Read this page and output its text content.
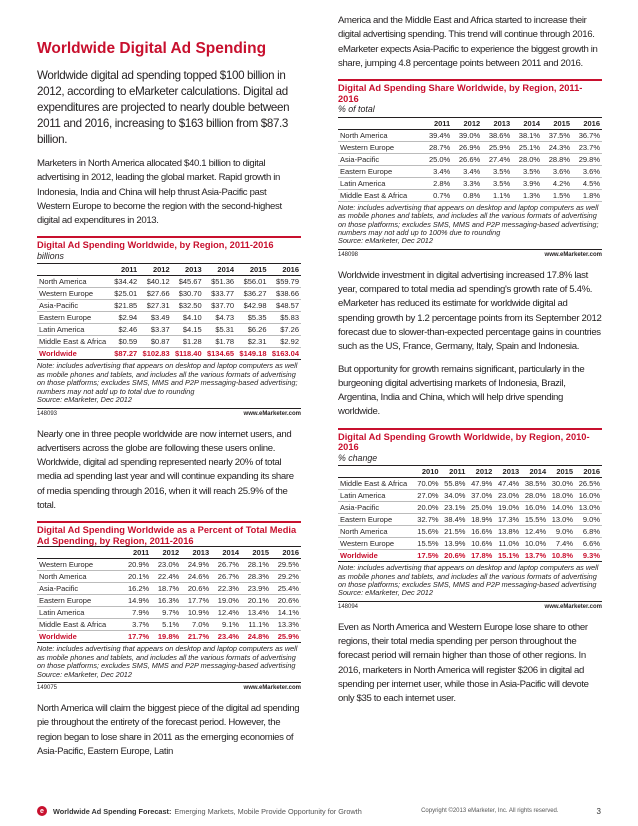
Worldwide Digital Ad Spending
Worldwide digital ad spending topped $100 billion in 2012, according to eMarketer calculations. Digital ad expenditures are projected to nearly double between 2011 and 2016, increasing to $163 billion from $87.3 billion.

Marketers in North America allocated $40.1 billion to digital advertising in 2012, leading the global market. Rapid growth in Indonesia, India and China will help thrust Asia-Pacific past Western Europe to become the region with the second-highest digital ad expenditures in 2013.

Digital Ad Spending Worldwide, by Region, 2011-2016
billions
	2011	2012	2013	2014	2015	2016
North America	$34.42	$40.12	$45.67	$51.36	$56.01	$59.79
Western Europe	$25.01	$27.66	$30.70	$33.77	$36.27	$38.66
Asia-Pacific	$21.85	$27.31	$32.50	$37.70	$42.98	$48.57
Eastern Europe	$2.94	$3.49	$4.10	$4.73	$5.35	$5.83
Latin America	$2.46	$3.37	$4.15	$5.31	$6.26	$7.26
Middle East & Africa	$0.59	$0.87	$1.28	$1.78	$2.31	$2.92
Worldwide	$87.27	$102.83	$118.40	$134.65	$149.18	$163.04
Note: includes advertising that appears on desktop and laptop computers as well as mobile phones and tablets, and includes all the various formats of advertising on those platforms; excludes SMS, MMS and P2P messaging-based advertising; numbers may not add up to total due to rounding
Source: eMarketer, Dec 2012
148093	www.eMarketer.com

Nearly one in three people worldwide are now internet users, and advertisers across the globe are following these users online. Worldwide, digital ad spending represented nearly 20% of total media ad spending last year and will continue expanding its share of media spending through 2016, when it will reach 25.9% of the total.

Digital Ad Spending Worldwide as a Percent of Total Media Ad Spending, by Region, 2011-2016
	2011	2012	2013	2014	2015	2016
Western Europe	20.9%	23.0%	24.9%	26.7%	28.1%	29.5%
North America	20.1%	22.4%	24.6%	26.7%	28.3%	29.2%
Asia-Pacific	16.2%	18.7%	20.6%	22.3%	23.9%	25.4%
Eastern Europe	14.9%	16.3%	17.7%	19.0%	20.1%	20.6%
Latin America	7.9%	9.7%	10.9%	12.4%	13.4%	14.1%
Middle East & Africa	3.7%	5.1%	7.0%	9.1%	11.1%	13.3%
Worldwide	17.7%	19.8%	21.7%	23.4%	24.8%	25.9%
Note: includes advertising that appears on desktop and laptop computers as well as mobile phones and tablets, and includes all the various formats of advertising on those platforms; excludes SMS, MMS and P2P messaging-based advertising
Source: eMarketer, Dec 2012
149075	www.eMarketer.com

North America will claim the biggest piece of the digital ad spending pie throughout the entirety of the forecast period. However, the region began to lose share in 2011 as the emerging economies of Asia-Pacific, Eastern Europe, Latin

America and the Middle East and Africa started to increase their digital advertising spending. This trend will continue through 2016. eMarketer expects Asia-Pacific to experience the biggest growth in share, jumping 4.8 percentage points between 2011 and 2016.

Digital Ad Spending Share Worldwide, by Region, 2011-2016
% of total
	2011	2012	2013	2014	2015	2016
North America	39.4%	39.0%	38.6%	38.1%	37.5%	36.7%
Western Europe	28.7%	26.9%	25.9%	25.1%	24.3%	23.7%
Asia-Pacific	25.0%	26.6%	27.4%	28.0%	28.8%	29.8%
Eastern Europe	3.4%	3.4%	3.5%	3.5%	3.6%	3.6%
Latin America	2.8%	3.3%	3.5%	3.9%	4.2%	4.5%
Middle East & Africa	0.7%	0.8%	1.1%	1.3%	1.5%	1.8%
Note: includes advertising that appears on desktop and laptop computers as well as mobile phones and tablets, and includes all the various formats of advertising on those platforms; excludes SMS, MMS and P2P messaging-based advertising; numbers may not add up to 100% due to rounding
Source: eMarketer, Dec 2012
148098	www.eMarketer.com

Worldwide investment in digital advertising increased 17.8% last year, compared to total media ad spending's growth rate of 5.4%. eMarketer has reduced its estimate for worldwide digital ad spending growth by 1.2 percentage points from its September 2012 forecast due to slower-than-expected percentage gains in countries such as the US, France, Germany, Italy, Spain and Indonesia.

But opportunity for growth remains significant, particularly in the burgeoning digital advertising markets of Indonesia, Brazil, Argentina, India and China, which will help drive spending worldwide.

Digital Ad Spending Growth Worldwide, by Region, 2010-2016
% change
	2010	2011	2012	2013	2014	2015	2016
Middle East & Africa	70.0%	55.8%	47.9%	47.4%	38.5%	30.0%	26.5%
Latin America	27.0%	34.0%	37.0%	23.0%	28.0%	18.0%	16.0%
Asia-Pacific	20.0%	23.1%	25.0%	19.0%	16.0%	14.0%	13.0%
Eastern Europe	32.7%	38.4%	18.9%	17.3%	15.5%	13.0%	9.0%
North America	15.6%	21.5%	16.6%	13.8%	12.4%	9.0%	6.8%
Western Europe	15.5%	13.9%	10.6%	11.0%	10.0%	7.4%	6.6%
Worldwide	17.5%	20.6%	17.8%	15.1%	13.7%	10.8%	9.3%
Note: includes advertising that appears on desktop and laptop computers as well as mobile phones and tablets, and includes all the various formats of advertising on those platforms; excludes SMS, MMS and P2P messaging-based advertising
Source: eMarketer, Dec 2012
148094	www.eMarketer.com

Even as North America and Western Europe lose share to other regions, their total media spending per person throughout the forecast period will remain higher than those of other regions. In 2016, marketers in North America will register $206 in digital ad spending per internet user, while those in Asia-Pacific will devote only $35 to each internet user.

e	Worldwide Ad Spending Forecast: Emerging Markets, Mobile Provide Opportunity for Growth	Copyright ©2013 eMarketer, Inc. All rights reserved.	3
